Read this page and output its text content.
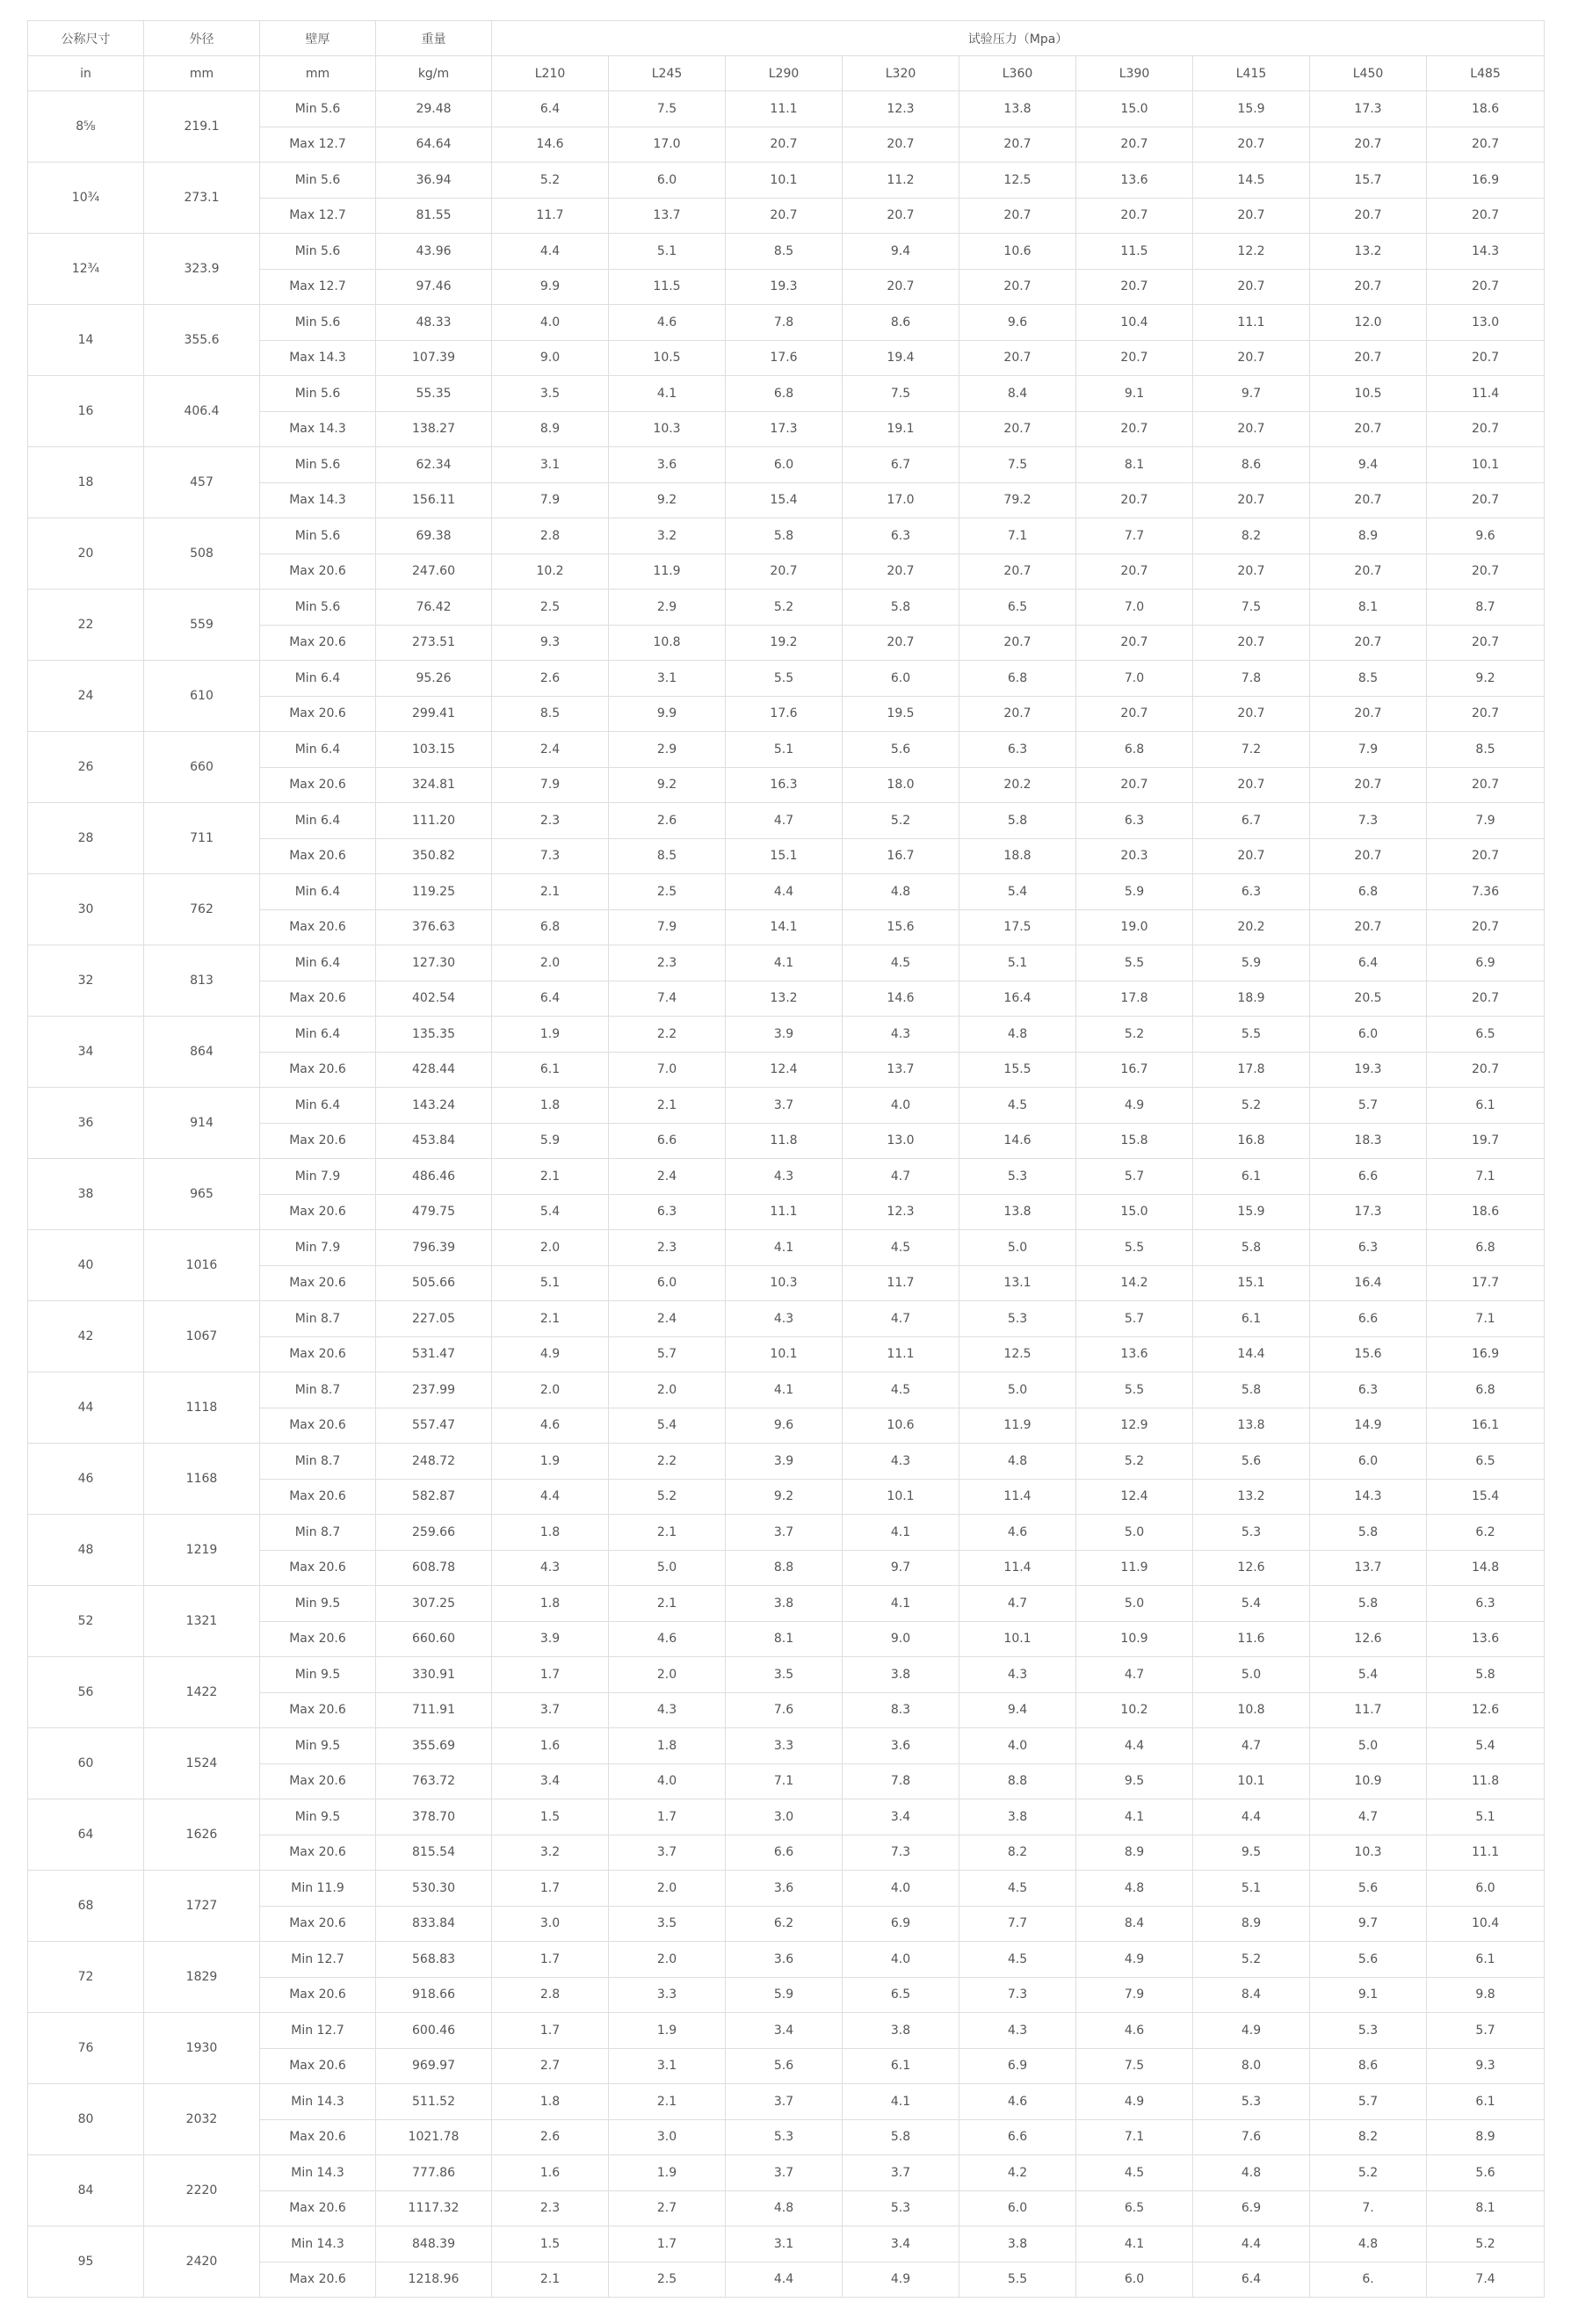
公称尺寸	外径	壁厚	重量	试验压力（Mpa）								
in	mm	mm	kg/m	L210	L245	L290	L320	L360	L390	L415	L450	L485
8⅝	219.1	Min 5.6	29.48	6.4	7.5	11.1	12.3	13.8	15.0	15.9	17.3	18.6
		Max 12.7	64.64	14.6	17.0	20.7	20.7	20.7	20.7	20.7	20.7	20.7
10¾	273.1	Min 5.6	36.94	5.2	6.0	10.1	11.2	12.5	13.6	14.5	15.7	16.9
		Max 12.7	81.55	11.7	13.7	20.7	20.7	20.7	20.7	20.7	20.7	20.7
12¾	323.9	Min 5.6	43.96	4.4	5.1	8.5	9.4	10.6	11.5	12.2	13.2	14.3
		Max 12.7	97.46	9.9	11.5	19.3	20.7	20.7	20.7	20.7	20.7	20.7
14	355.6	Min 5.6	48.33	4.0	4.6	7.8	8.6	9.6	10.4	11.1	12.0	13.0
		Max 14.3	107.39	9.0	10.5	17.6	19.4	20.7	20.7	20.7	20.7	20.7
16	406.4	Min 5.6	55.35	3.5	4.1	6.8	7.5	8.4	9.1	9.7	10.5	11.4
		Max 14.3	138.27	8.9	10.3	17.3	19.1	20.7	20.7	20.7	20.7	20.7
18	457	Min 5.6	62.34	3.1	3.6	6.0	6.7	7.5	8.1	8.6	9.4	10.1
		Max 14.3	156.11	7.9	9.2	15.4	17.0	79.2	20.7	20.7	20.7	20.7
20	508	Min 5.6	69.38	2.8	3.2	5.8	6.3	7.1	7.7	8.2	8.9	9.6
		Max 20.6	247.60	10.2	11.9	20.7	20.7	20.7	20.7	20.7	20.7	20.7
22	559	Min 5.6	76.42	2.5	2.9	5.2	5.8	6.5	7.0	7.5	8.1	8.7
		Max 20.6	273.51	9.3	10.8	19.2	20.7	20.7	20.7	20.7	20.7	20.7
24	610	Min 6.4	95.26	2.6	3.1	5.5	6.0	6.8	7.0	7.8	8.5	9.2
		Max 20.6	299.41	8.5	9.9	17.6	19.5	20.7	20.7	20.7	20.7	20.7
26	660	Min 6.4	103.15	2.4	2.9	5.1	5.6	6.3	6.8	7.2	7.9	8.5
		Max 20.6	324.81	7.9	9.2	16.3	18.0	20.2	20.7	20.7	20.7	20.7
28	711	Min 6.4	111.20	2.3	2.6	4.7	5.2	5.8	6.3	6.7	7.3	7.9
		Max 20.6	350.82	7.3	8.5	15.1	16.7	18.8	20.3	20.7	20.7	20.7
30	762	Min 6.4	119.25	2.1	2.5	4.4	4.8	5.4	5.9	6.3	6.8	7.36
		Max 20.6	376.63	6.8	7.9	14.1	15.6	17.5	19.0	20.2	20.7	20.7
32	813	Min 6.4	127.30	2.0	2.3	4.1	4.5	5.1	5.5	5.9	6.4	6.9
		Max 20.6	402.54	6.4	7.4	13.2	14.6	16.4	17.8	18.9	20.5	20.7
34	864	Min 6.4	135.35	1.9	2.2	3.9	4.3	4.8	5.2	5.5	6.0	6.5
		Max 20.6	428.44	6.1	7.0	12.4	13.7	15.5	16.7	17.8	19.3	20.7
36	914	Min 6.4	143.24	1.8	2.1	3.7	4.0	4.5	4.9	5.2	5.7	6.1
		Max 20.6	453.84	5.9	6.6	11.8	13.0	14.6	15.8	16.8	18.3	19.7
38	965	Min 7.9	486.46	2.1	2.4	4.3	4.7	5.3	5.7	6.1	6.6	7.1
		Max 20.6	479.75	5.4	6.3	11.1	12.3	13.8	15.0	15.9	17.3	18.6
40	1016	Min 7.9	796.39	2.0	2.3	4.1	4.5	5.0	5.5	5.8	6.3	6.8
		Max 20.6	505.66	5.1	6.0	10.3	11.7	13.1	14.2	15.1	16.4	17.7
42	1067	Min 8.7	227.05	2.1	2.4	4.3	4.7	5.3	5.7	6.1	6.6	7.1
		Max 20.6	531.47	4.9	5.7	10.1	11.1	12.5	13.6	14.4	15.6	16.9
44	1118	Min 8.7	237.99	2.0	2.0	4.1	4.5	5.0	5.5	5.8	6.3	6.8
		Max 20.6	557.47	4.6	5.4	9.6	10.6	11.9	12.9	13.8	14.9	16.1
46	1168	Min 8.7	248.72	1.9	2.2	3.9	4.3	4.8	5.2	5.6	6.0	6.5
		Max 20.6	582.87	4.4	5.2	9.2	10.1	11.4	12.4	13.2	14.3	15.4
48	1219	Min 8.7	259.66	1.8	2.1	3.7	4.1	4.6	5.0	5.3	5.8	6.2
		Max 20.6	608.78	4.3	5.0	8.8	9.7	11.4	11.9	12.6	13.7	14.8
52	1321	Min 9.5	307.25	1.8	2.1	3.8	4.1	4.7	5.0	5.4	5.8	6.3
		Max 20.6	660.60	3.9	4.6	8.1	9.0	10.1	10.9	11.6	12.6	13.6
56	1422	Min 9.5	330.91	1.7	2.0	3.5	3.8	4.3	4.7	5.0	5.4	5.8
		Max 20.6	711.91	3.7	4.3	7.6	8.3	9.4	10.2	10.8	11.7	12.6
60	1524	Min 9.5	355.69	1.6	1.8	3.3	3.6	4.0	4.4	4.7	5.0	5.4
		Max 20.6	763.72	3.4	4.0	7.1	7.8	8.8	9.5	10.1	10.9	11.8
64	1626	Min 9.5	378.70	1.5	1.7	3.0	3.4	3.8	4.1	4.4	4.7	5.1
		Max 20.6	815.54	3.2	3.7	6.6	7.3	8.2	8.9	9.5	10.3	11.1
68	1727	Min 11.9	530.30	1.7	2.0	3.6	4.0	4.5	4.8	5.1	5.6	6.0
		Max 20.6	833.84	3.0	3.5	6.2	6.9	7.7	8.4	8.9	9.7	10.4
72	1829	Min 12.7	568.83	1.7	2.0	3.6	4.0	4.5	4.9	5.2	5.6	6.1
		Max 20.6	918.66	2.8	3.3	5.9	6.5	7.3	7.9	8.4	9.1	9.8
76	1930	Min 12.7	600.46	1.7	1.9	3.4	3.8	4.3	4.6	4.9	5.3	5.7
		Max 20.6	969.97	2.7	3.1	5.6	6.1	6.9	7.5	8.0	8.6	9.3
80	2032	Min 14.3	511.52	1.8	2.1	3.7	4.1	4.6	4.9	5.3	5.7	6.1
		Max 20.6	1021.78	2.6	3.0	5.3	5.8	6.6	7.1	7.6	8.2	8.9
84	2220	Min 14.3	777.86	1.6	1.9	3.7	3.7	4.2	4.5	4.8	5.2	5.6
		Max 20.6	1117.32	2.3	2.7	4.8	5.3	6.0	6.5	6.9	7.	8.1
95	2420	Min 14.3	848.39	1.5	1.7	3.1	3.4	3.8	4.1	4.4	4.8	5.2
		Max 20.6	1218.96	2.1	2.5	4.4	4.9	5.5	6.0	6.4	6.	7.4
